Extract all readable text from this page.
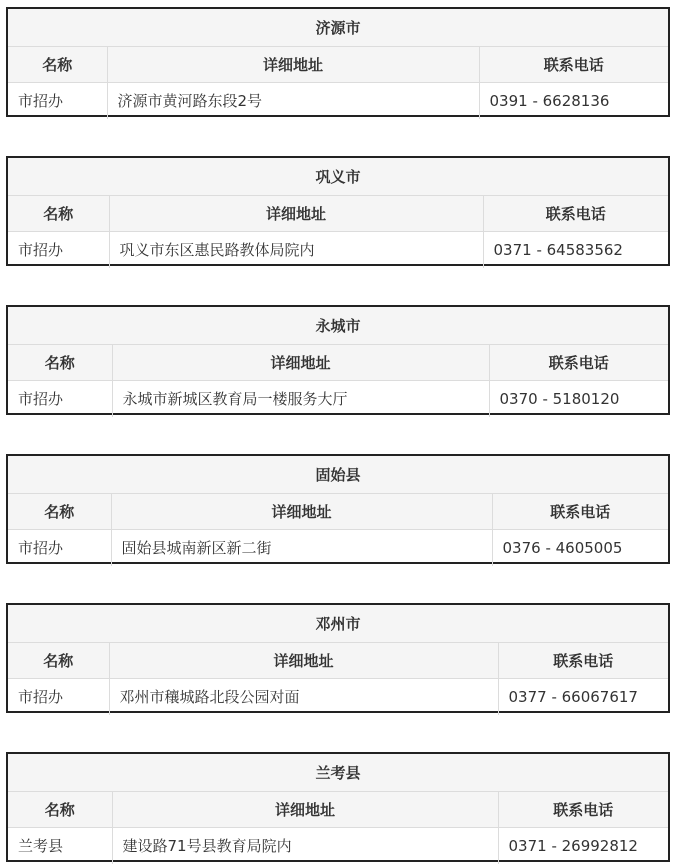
济源市		
名称	详细地址	联系电话
市招办	济源市黄河路东段2号	0391 - 6628136
巩义市		
名称	详细地址	联系电话
市招办	巩义市东区惠民路教体局院内	0371 - 64583562
永城市		
名称	详细地址	联系电话
市招办	永城市新城区教育局一楼服务大厅	0370 - 5180120
固始县		
名称	详细地址	联系电话
市招办	固始县城南新区新二街	0376 - 4605005
邓州市		
名称	详细地址	联系电话
市招办	邓州市穰城路北段公园对面	0377 - 66067617
兰考县		
名称	详细地址	联系电话
兰考县	建设路71号县教育局院内	0371 - 26992812
